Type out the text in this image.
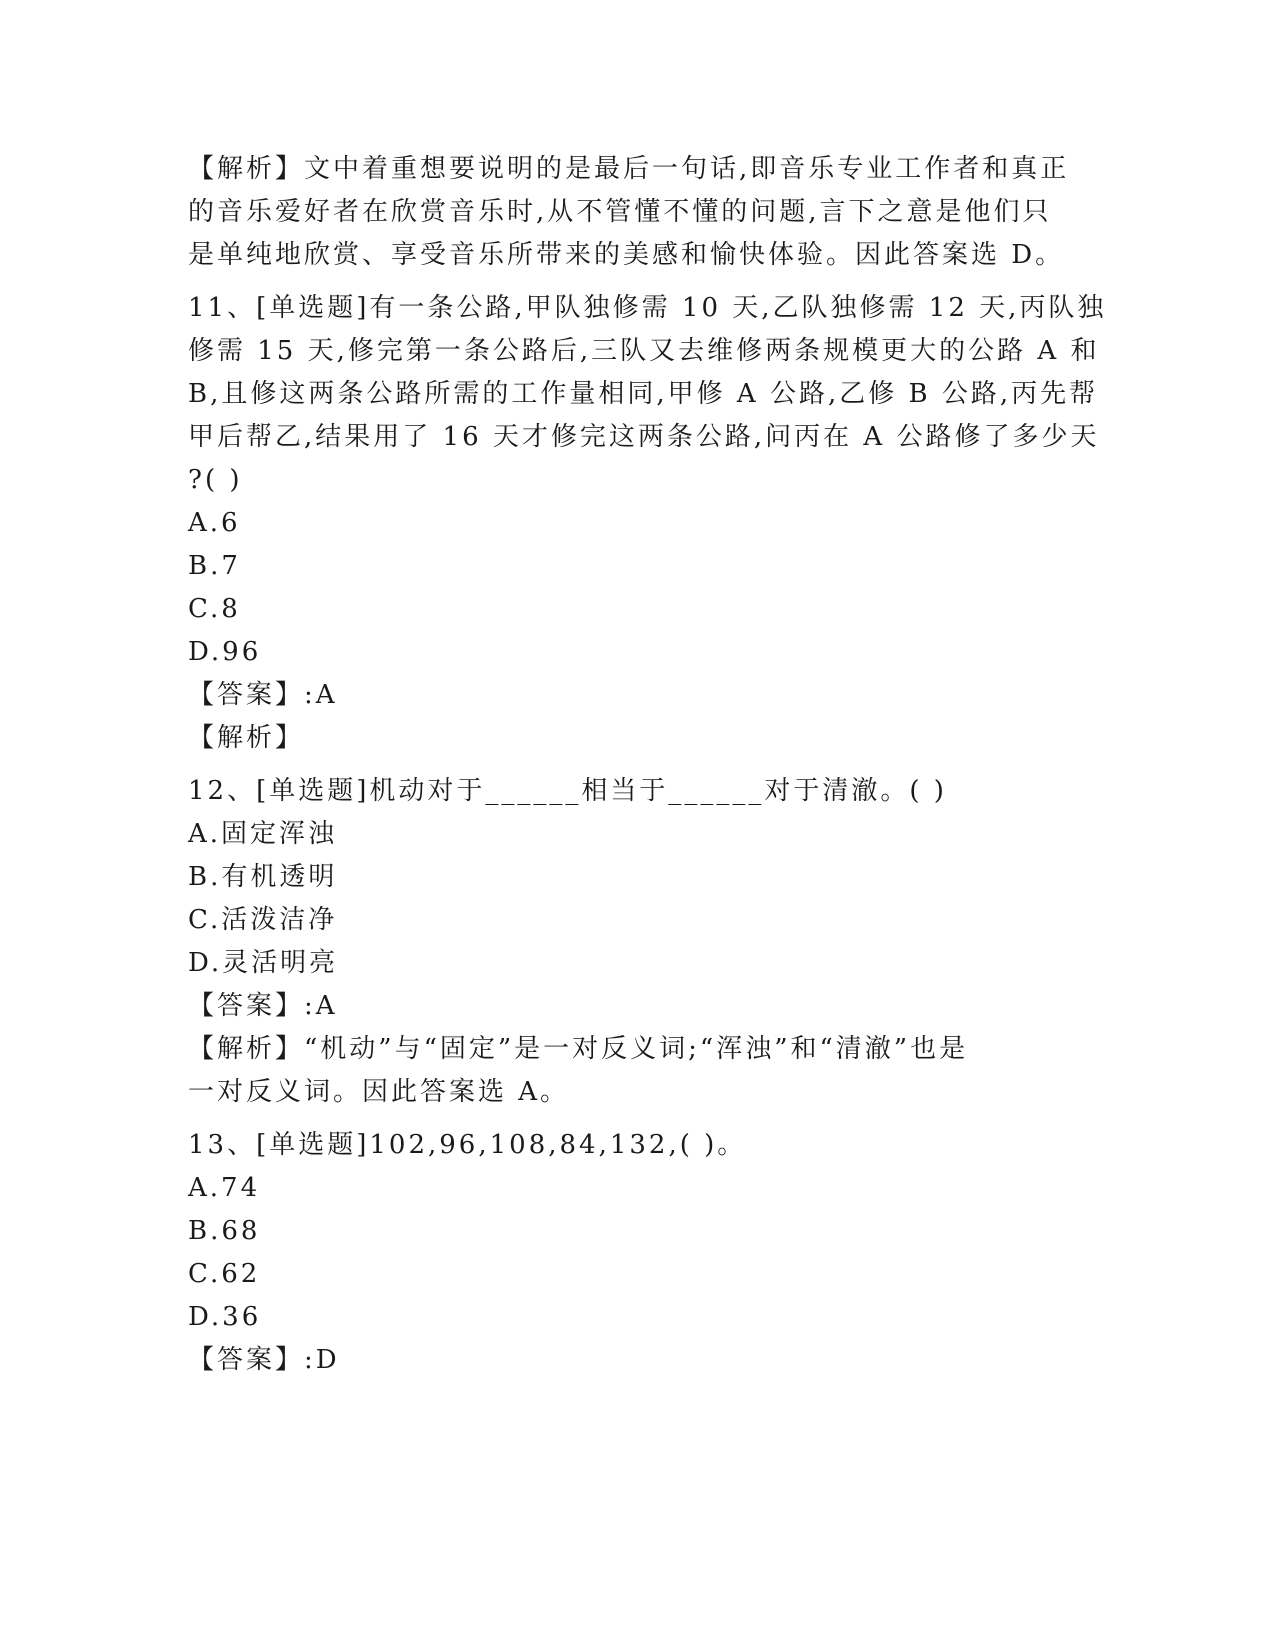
【解析】文中着重想要说明的是最后一句话,即音乐专业工作者和真正
的音乐爱好者在欣赏音乐时,从不管懂不懂的问题,言下之意是他们只
是单纯地欣赏、享受音乐所带来的美感和愉快体验。因此答案选 D。
11、[单选题]有一条公路,甲队独修需 10 天,乙队独修需 12 天,丙队独
修需 15 天,修完第一条公路后,三队又去维修两条规模更大的公路 A 和
B,且修这两条公路所需的工作量相同,甲修 A 公路,乙修 B 公路,丙先帮
甲后帮乙,结果用了 16 天才修完这两条公路,问丙在 A 公路修了多少天
?( )
A.6
B.7
C.8
D.96
【答案】:A
【解析】
12、[单选题]机动对于______相当于______对于清澈。( )
A.固定浑浊
B.有机透明
C.活泼洁净
D.灵活明亮
【答案】:A
【解析】“机动”与“固定”是一对反义词;“浑浊”和“清澈”也是
一对反义词。因此答案选 A。
13、[单选题]102,96,108,84,132,( )。
A.74
B.68
C.62
D.36
【答案】:D
